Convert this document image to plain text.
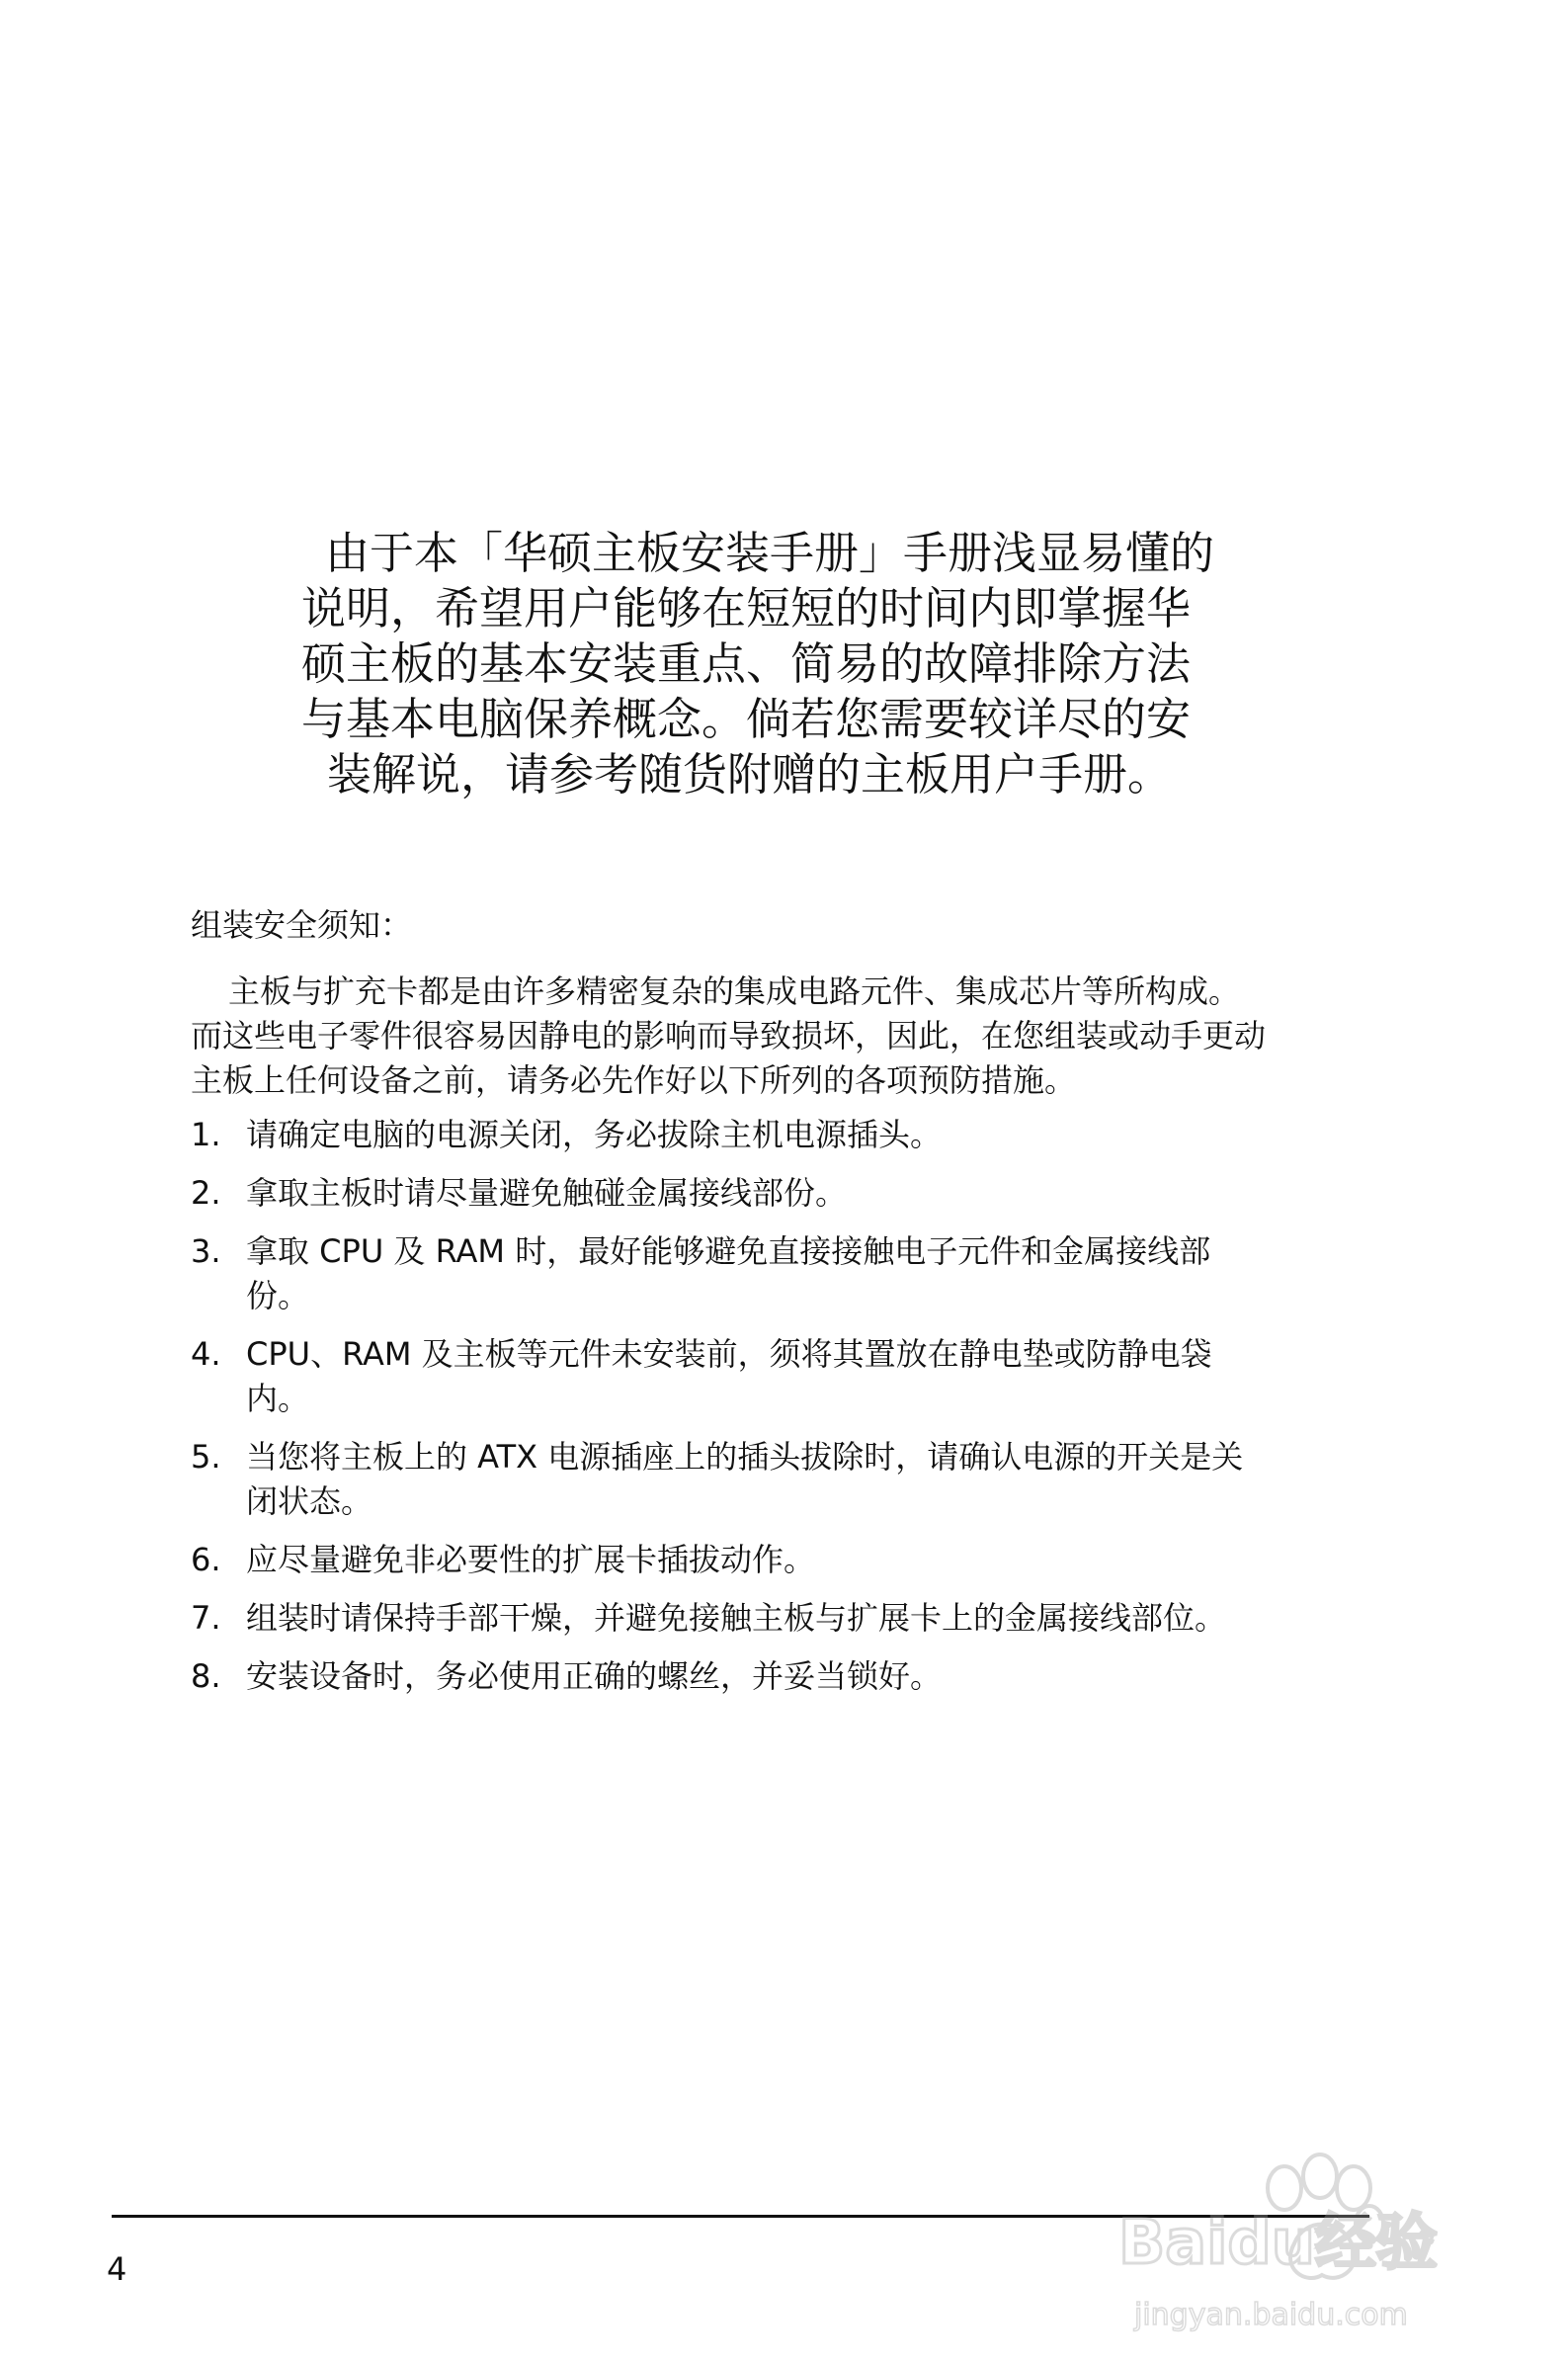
由于本「华硕主板安装手册」手册浅显易懂的
说明，希望用户能够在短短的时间内即掌握华
硕主板的基本安装重点、简易的故障排除方法
与基本电脑保养概念。倘若您需要较详尽的安
装解说，请参考随货附赠的主板用户手册。
组装安全须知：

主板与扩充卡都是由许多精密复杂的集成电路元件、集成芯片等所构成。
而这些电子零件很容易因静电的影响而导致损坏，因此，在您组装或动手更动
主板上任何设备之前，请务必先作好以下所列的各项预防措施。

1. 请确定电脑的电源关闭，务必拔除主机电源插头。
2. 拿取主板时请尽量避免触碰金属接线部份。
3. 拿取 CPU 及 RAM 时，最好能够避免直接接触电子元件和金属接线部
份。
4. CPU、RAM 及主板等元件未安装前，须将其置放在静电垫或防静电袋
内。
5. 当您将主板上的 ATX 电源插座上的插头拔除时，请确认电源的开关是关
闭状态。
6. 应尽量避免非必要性的扩展卡插拔动作。
7. 组装时请保持手部干燥，并避免接触主板与扩展卡上的金属接线部位。
8. 安装设备时，务必使用正确的螺丝，并妥当锁好。
4	Baidu经验
jingyan.baidu.com
